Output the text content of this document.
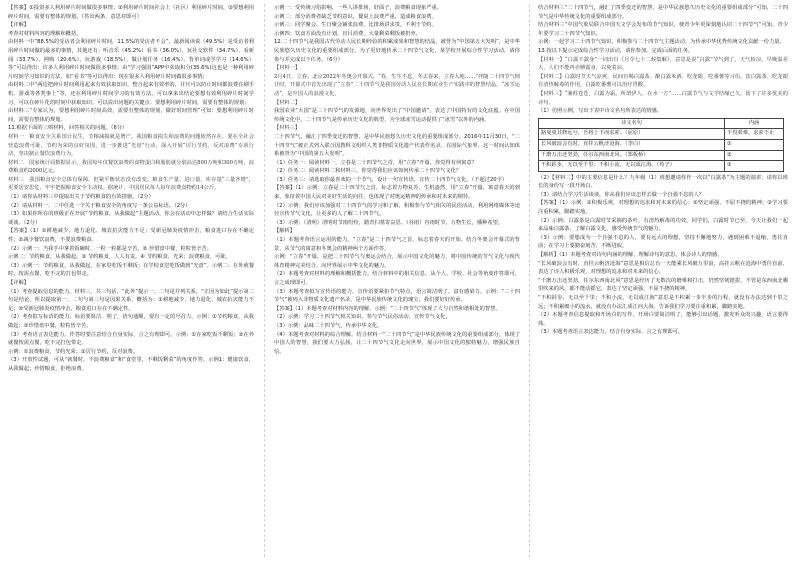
【答案】①投资多人利用碎片时间做很多事情；②利用碎片时间社会上（社区）利用碎片时间，③要想利用碎片时间，需要有整体的规划。（答出两条，意思对即可）

【详解】

考查对材料内容的理解和概括。

由材料一中“88.5%的受访者会利用碎片时间，11.5%的受访者不会”，最新阅读说（49.5%）是受访者利用碎片时间做的最多的事情，其他还有：听音乐（45.2%）看书（36.0%）、玩社交软件（34.7%）、看新闻（33.7%）、网购（20.6%）、玩游戏（18.5%）、做计划任务（16.4%）、背单词或学学习（14.6%）等”可以得出：许多人利用碎片时间做很多事情；由“学习强国”APP中获取积分(35.6%)这也是一种利用碎片时间学习知识的方法，如“看书”等可以得出：现在很多人利用碎片时间做很多事情；

由材料二中“两边把碎片时间利用起来有效获取知识，整合起来有效率的，并且可以防止时间都浪费在刷手机、游戏等各类事上”等，还在利用碎片时间学习的有效方法。可以拿来出结论要想有效利用碎片时间学习，可以在碎片化的时间中获取知识。可以说出问题的关键点：要想利用碎片时间，需要有整体的规划；

由材料三“专家认为，要想利用碎片时间高效，需要有整体的规划，做好时间管理”可知：要想利用碎片时间，需要有整体的规划。

11.根据下面的三则材料，回答相关的问题。（6分）

材料一　粮食安全关系国计民生，节粮减损就是增产。我国粮食损失和浪费的问题依然存在，要在全社会营造浪费可耻、节约为荣的良好氛围，进一步推进“光盘”行动，深入开展“厉行节约、反对浪费”专项行动，坚决制止餐饮浪费行为。

材料二　国家统计局数据显示，我国每年仅餐饮浪费的食物蛋白和脂肪就分别高达800万吨和300万吨，浪费粮食约2000亿元。

材料三　我国粮食安全总体有保障，但紧平衡状态没有改变。粮食生产量、进口量、库存量“三量齐增”，更要居安思危，牢牢把握粮食安全主动权。据统计，中国居民每人每年浪费食物约14公斤。

（1）请你从材料三中提取出关于节约粮食的有效措施。（2分）

（2）请从材料一、二中任选一个关于粮食安全的角度写一条公益标语。（2分）

（3）如果你所在的班级正在开展“节约粮食，从我做起”主题活动，你会在活动中怎样做？请结合生活实际谈谈。（2分）

【答案】（1）①耕地减少、地力退化、城农抗灾能力不足；受新冠肺炎疫情冲击，粮食进口存在不确定性；②减少餐饮浪费，不要浪费粮食。

（2）示例一：当我手中拿着饭碗时，一粒一粒都是辛苦。② 珍惜盘中餐，粒粒皆辛苦。

示例二：节约粮食，从我做起。③ 节约粮食，人人有责。④ 节约粮食，光荣；浪费粮食，可耻。

（3）示例一：节约粮食，从我做起，在家里吃饭不剩饭；在学校食堂吃饭做到“光盘”。示例二：在外就餐时，按需点餐，吃不完的打包带走。

【详解】

（1）考查提取信息的能力。材料三，共三句话，“此外”提示一、二句是并列关系，“正因为如此”提示第二句是结论，所以提取第一、二句与第三句是因果关系，概括为：①耕地减少、地力退化、城农抗灾能力不足；②受新冠肺炎疫情冲击，粮食进口存在不确定性。

（2）考查拟写标语的能力。标语要简洁、明了，语句通顺，要有一定的号召力。示例：①节约粮食，从我做起；②珍惜盘中餐，粒粒皆辛苦。

（3）考查语言表达能力。作答时要注意结合自身实际，言之有理即可。示例：①在家吃饭不剩饭；②在外就餐按需点餐，吃不完打包带走。

示例：①浪费粮食，节约光荣；②厉行节约，反对浪费。

（3）开放性试题，可从“就餐时，不浪费粮食”和“食堂里，不剩饭剩菜”的角度作答。示例1：健康饮食，从我做起；珍惜粮食，拒绝浪费。

示例一：受传统习俗影响，一些人讲排场，好面子，浪费粮食现象严重。

示例二：部分消费者缺乏节约意识，餐桌上浪费严重，造成粮食浪费。

示例三：同学聚会、生日聚会铺张浪费，比排场讲求贵，不利于节约。

示例四：饮食方面没有计划，盲目消费，大量剩菜剩饭被扔弃。

12.二十四节气是我国古代劳动人民长期经验的积累成果和智慧的结晶，被誉为“中国第五大发明”，是中华民族悠久历史文化的重要组成部分。为了更好地传承二十四节气文化，某学校开展综合性学习活动，请你参与并完成以下任务。（6分）

【材料一】

2月4日，立春。北京2022年冬奥会开幕式，“春，生生不息，冬去春来，立春大地……”伴随二十四节气倒计时，开幕式中首先出现了“立春”二十四节气是我国劳动人民在长期农业生产实践中的智慧结晶，“冰雪运动”，是中国人的浪漫文化。

【材料二】

我国农业“大国”是二十四节气的发源地，向世界发出了“中国邀请”，表达了中国特有的文化底蕴。在中国传统文化中，二十四节气是传承历史文化的典型，为全球冰雪运动提供了“冰雪”以外的内涵。

【材料三】

二十四节气，融汇了四季变迁的智慧，是中华民族悠久历史文化的重要组成部分。2016年11月30日，“二十四节气”被正式列入联合国教科文组织人类非物质文化遗产代表作名录，在国际气象界，这一时间认知体系被誉为“中国的第五大发明”。

（1）任务一：阅读材料一，立春是二十四节气之首，用“立春”开篇，你觉得有何寓意？

（2）任务二：阅读材料二和材料三，你觉得我们应该如何传承二十四节气文化？

（3）任务三：请选取你最喜欢的一个节气，设计一句宣传语，宣传二十四节气文化。（不超过20字）

【答案】（1）示例：立春是二十四节气之首，标志着万物复苏、生机盎然，用“立春”开篇，寓意春天的到来，象征着中国人民对美好生活的向往，也体现了对奥运精神的传承和对未来的期待。

（2）示例：我们应该加强对二十四节气的学习和了解，积极参与节气相关的民俗活动，利用网络媒体等途径宣传节气文化，让更多的人了解二十四节气。

（3）示例：（清明）清明时节雨纷纷，踏青扫墓寄哀思。（谷雨）谷雨时节，万物生长，播种希望。

【解析】

（1）本题考查语言运用的能力。“立春”是二十四节气之首，标志着春天的开始。结合冬奥会开幕式的背景，从节气的寓意和冬奥会的精神两个方面作答。

示例：“立春”开篇，是把二十四节气与奥运会结合，展示中国文化的魅力，将中国传统的节气文化与现代体育精神完美结合，向世界展示中华文化的魅力。

（2）本题考查对材料的理解和概括能力。结合材料中的相关信息，从个人、学校、社会等角度作答即可，言之成理即可。

（3）本题考查拟写宣传语的能力。宣传语要紧扣节气特点，语言简洁明了，富有感染力。示例：“二十四节气”被列入非物质文化遗产名录，是中华民族传统文化的瑰宝，我们要好好传承。

【答案】（1）本题考查对材料内容的理解，示例：“二十四节气”体现了人与自然和谐相处的智慧。

（2）示例：学习二十四节气相关知识，参与节气民俗活动，宣传节气文化。

（3）示例：品味二十四节气，传承中华文化。

（4）本题考查对材料的综合理解。结合材料一“二十四节气”是中华民族传统文化的重要组成部分，体现了中国人的智慧，我们要大力弘扬，让二十四节气文化走向世界，展示中国文化的独特魅力，增强民族自信。

结合材料三“二十四节气，融汇了四季变迁的智慧，是中华民族悠久历史文化的重要组成部分”可知，二十四节气是中华传统文化的重要组成部分。

结合材料三“中国气象局联合中国天文学会发布的节气知识，使青少年更深刻地认识二十四节气”可知，青少年要学习二十四节气知识。

示例：一起学习二十四节气知识，积极参与二十四节气主题活动，为传承中华优秀传统文化贡献一份力量。

13.按以下提示完成综合性学习活动，请你参加，完成后面的任务。

【材料一】“白露不露身”一词出自《月令七十二候集解》，意思是说“白露”节气到了，天气转凉，早晚温差大，人们不能再赤膊露身，以免着凉。

【材料二】白露时节天气凉爽，民间有喝白露茶、酿白露米酒、吃龙眼、吃番薯等习俗，饮白露茶、吃龙眼有清热解毒的作用，白露吃番薯可以治疗胃酸。

【材料三】“蒹葭苍苍，白露为霜。所谓伊人，在水一方”……白露节气与文学结缘已久，留下了许多优美的诗句。

（1）仿照示例，写出下表中诗文名句所表达的情感。

诗文名句	内涵
路曼曼其修远兮，吾将上下而求索。（屈原）	不畏艰难，求索不止
长风破浪会有时，直挂云帆济沧海。（李白）	①
千磨万击还坚劲，任尔东西南北风。（郑板桥）	②
不积跬步，无以至千里；不积小流，无以成江海。（荀子）	③

（2）【材料二】中的主要信息是什么？九年级（1）班想邀请你作一次以“白露茶”为主题的演讲，请你以班长的身份写一段开场白。

（3）请结合学习生活谈谈，你从我们应该怎样去做一个自强不息的人？

【答案】（1）示例：①积极乐观，对理想的追求和对未来的信心；②坚定顽强，不屈不挠的精神；③学习要注重积累，脚踏实地。

（2）示例：白露茶是白露时节采摘的茶叶，有清热解毒的功效。同学们，白露时节已至，今天让我们一起来品味白露茶，了解白露文化，感受传统节气的魅力。

（3）示例：要想成为一个自强不息的人，要有远大的理想，坚持不懈地努力，遇到困难不退缩，勇往直前；在学习上要勤奋刻苦，不断进取。

【解析】（1）本题考查对诗句内涵的理解，理解诗句的意思，体会诗人的情感。

“长风破浪会有时，直挂云帆济沧海”意思是相信总有一天能乘长风破万里浪，高挂云帆在沧海中勇往直前，表达了诗人积极乐观、对理想的追求和对未来的信心。

“千磨万击还坚劲，任尔东西南北风”意思是经历了无数次的磨难和打击，仍然坚韧挺拔，不管是东西南北哪里吹来的风，都不能动摇它，表达了坚定顽强、不屈不挠的精神。

“不积跬步，无以至千里；不积小流，无以成江海”意思是不积累一步半步的行程，就没有办法达到千里之远；不积累细小的流水，就没有办法汇成江河大海，告诉我们学习要注重积累，脚踏实地。

（2）本题考查信息提取和开场白的写作。开场白要简洁明了，能够引出话题，激发听众的兴趣，语言要得体。

（3）本题考查语言表达能力，结合自身实际，言之有理即可。
